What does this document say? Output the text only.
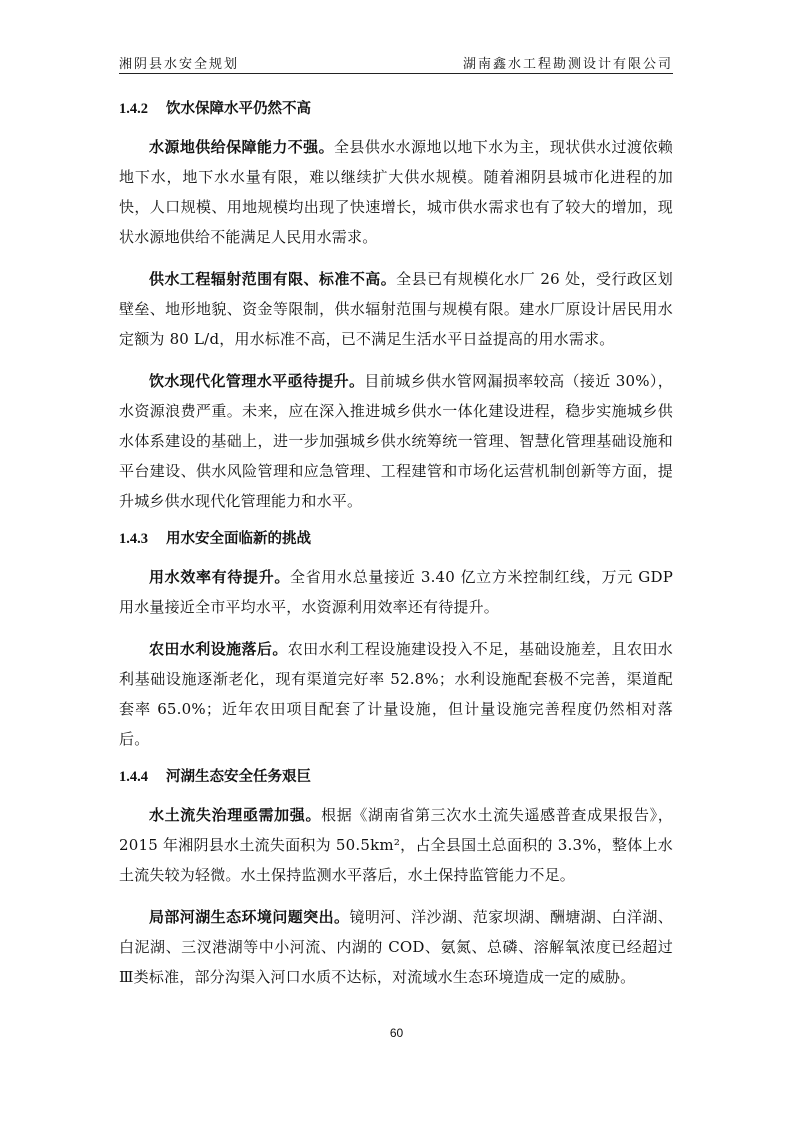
湘阴县水安全规划	湖南鑫水工程勘测设计有限公司
1.4.2 饮水保障水平仍然不高

水源地供给保障能力不强。全县供水水源地以地下水为主，现状供水过渡依赖地下水，地下水水量有限，难以继续扩大供水规模。随着湘阴县城市化进程的加快，人口规模、用地规模均出现了快速增长，城市供水需求也有了较大的增加，现状水源地供给不能满足人民用水需求。

供水工程辐射范围有限、标准不高。全县已有规模化水厂 26 处，受行政区划壁垒、地形地貌、资金等限制，供水辐射范围与规模有限。建水厂原设计居民用水定额为 80 L/d，用水标准不高，已不满足生活水平日益提高的用水需求。

饮水现代化管理水平亟待提升。目前城乡供水管网漏损率较高（接近 30%），水资源浪费严重。未来，应在深入推进城乡供水一体化建设进程，稳步实施城乡供水体系建设的基础上，进一步加强城乡供水统筹统一管理、智慧化管理基础设施和平台建设、供水风险管理和应急管理、工程建管和市场化运营机制创新等方面，提升城乡供水现代化管理能力和水平。

1.4.3 用水安全面临新的挑战

用水效率有待提升。全省用水总量接近 3.40 亿立方米控制红线，万元 GDP 用水量接近全市平均水平，水资源利用效率还有待提升。

农田水利设施落后。农田水利工程设施建设投入不足，基础设施差，且农田水利基础设施逐渐老化，现有渠道完好率 52.8%；水利设施配套极不完善，渠道配套率 65.0%；近年农田项目配套了计量设施，但计量设施完善程度仍然相对落后。

1.4.4 河湖生态安全任务艰巨

水土流失治理亟需加强。根据《湖南省第三次水土流失遥感普查成果报告》，2015 年湘阴县水土流失面积为 50.5km²，占全县国土总面积的 3.3%，整体上水土流失较为轻微。水土保持监测水平落后，水土保持监管能力不足。

局部河湖生态环境问题突出。镜明河、洋沙湖、范家坝湖、酬塘湖、白洋湖、白泥湖、三汊港湖等中小河流、内湖的 COD、氨氮、总磷、溶解氧浓度已经超过Ⅲ类标准，部分沟渠入河口水质不达标，对流域水生态环境造成一定的威胁。

60
